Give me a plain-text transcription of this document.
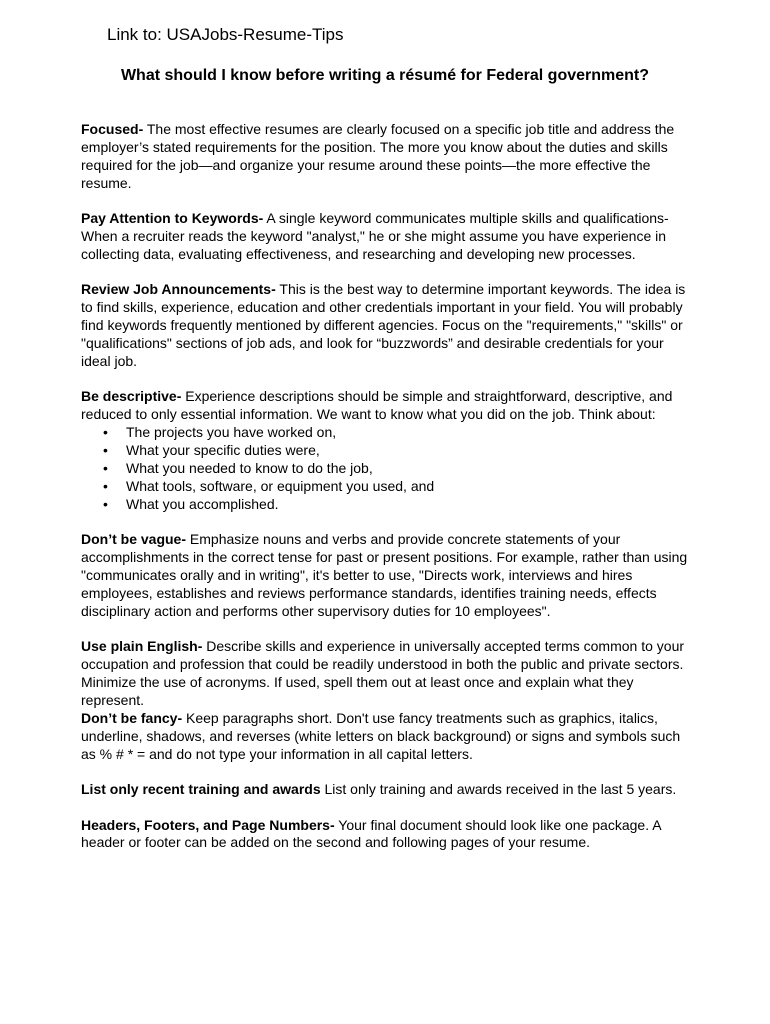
Link to: USAJobs-Resume-Tips
What should I know before writing a résumé for Federal government?

Focused- The most effective resumes are clearly focused on a specific job title and address the employer’s stated requirements for the position. The more you know about the duties and skills required for the job—and organize your resume around these points—the more effective the resume.

Pay Attention to Keywords- A single keyword communicates multiple skills and qualifications- When a recruiter reads the keyword "analyst," he or she might assume you have experience in collecting data, evaluating effectiveness, and researching and developing new processes.

Review Job Announcements- This is the best way to determine important keywords. The idea is to find skills, experience, education and other credentials important in your field. You will probably find keywords frequently mentioned by different agencies. Focus on the "requirements," "skills" or "qualifications" sections of job ads, and look for “buzzwords” and desirable credentials for your ideal job.

Be descriptive- Experience descriptions should be simple and straightforward, descriptive, and reduced to only essential information. We want to know what you did on the job. Think about:
• The projects you have worked on,
• What your specific duties were,
• What you needed to know to do the job,
• What tools, software, or equipment you used, and
• What you accomplished.

Don’t be vague- Emphasize nouns and verbs and provide concrete statements of your accomplishments in the correct tense for past or present positions. For example, rather than using "communicates orally and in writing", it's better to use, "Directs work, interviews and hires employees, establishes and reviews performance standards, identifies training needs, effects disciplinary action and performs other supervisory duties for 10 employees".

Use plain English- Describe skills and experience in universally accepted terms common to your occupation and profession that could be readily understood in both the public and private sectors.

Minimize the use of acronyms. If used, spell them out at least once and explain what they represent.

Don’t be fancy- Keep paragraphs short. Don't use fancy treatments such as graphics, italics, underline, shadows, and reverses (white letters on black background) or signs and symbols such as % # * = and do not type your information in all capital letters.

List only recent training and awards List only training and awards received in the last 5 years.

Headers, Footers, and Page Numbers- Your final document should look like one package. A header or footer can be added on the second and following pages of your resume.
